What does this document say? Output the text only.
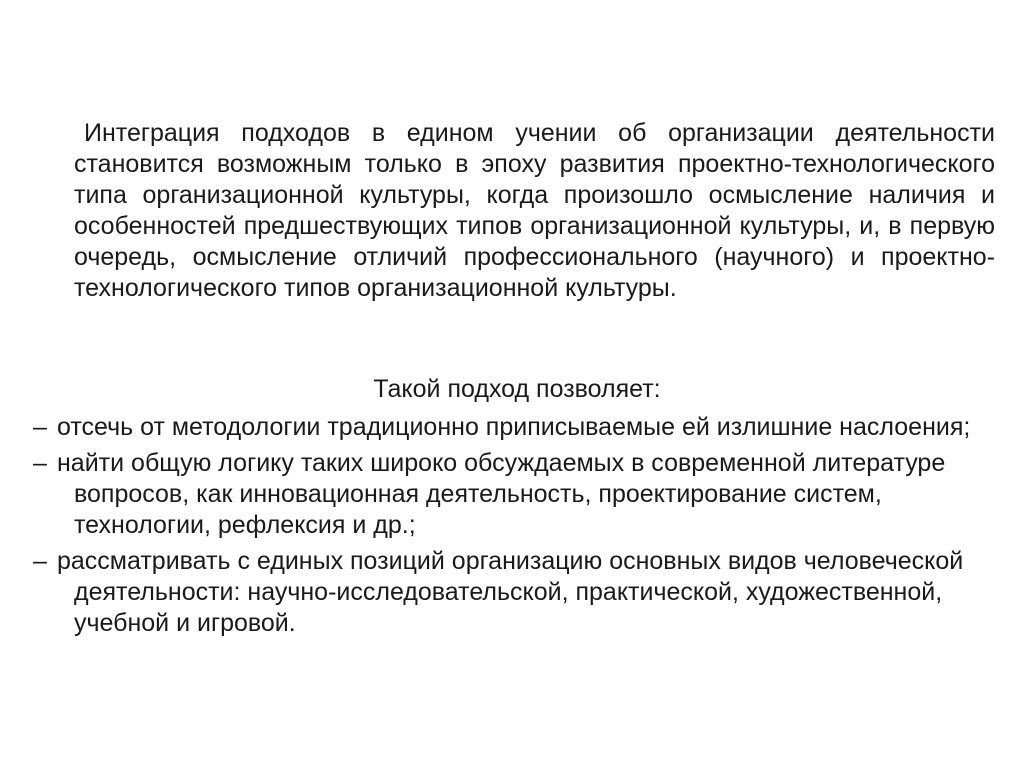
Интеграция подходов в едином учении об организации деятельности становится возможным только в эпоху развития проектно-технологического типа организационной культуры, когда произошло осмысление наличия и особенностей предшествующих типов организационной культуры, и, в первую очередь, осмысление отличий профессионального (научного) и проектно-технологического типов организационной культуры.

Такой подход позволяет:

– отсечь от методологии традиционно приписываемые ей излишние наслоения;
– найти общую логику таких широко обсуждаемых в современной литературе вопросов, как инновационная деятельность, проектирование систем, технологии, рефлексия и др.;
– рассматривать с единых позиций организацию основных видов человеческой деятельности: научно-исследовательской, практической, художественной, учебной и игровой.
